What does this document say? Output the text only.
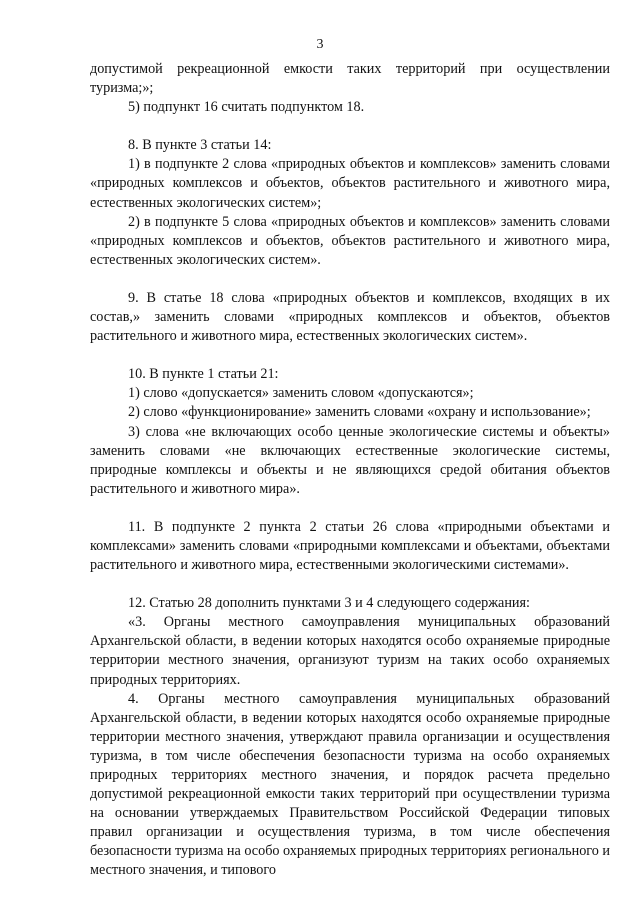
3

допустимой рекреационной емкости таких территорий при осуществлении туризма;»;

5) подпункт 16 считать подпунктом 18.

8. В пункте 3 статьи 14:

1) в подпункте 2 слова «природных объектов и комплексов» заменить словами «природных комплексов и объектов, объектов растительного и животного мира, естественных экологических систем»;

2) в подпункте 5 слова «природных объектов и комплексов» заменить словами «природных комплексов и объектов, объектов растительного и животного мира, естественных экологических систем».

9. В статье 18 слова «природных объектов и комплексов, входящих в их состав,» заменить словами «природных комплексов и объектов, объектов растительного и животного мира, естественных экологических систем».

10. В пункте 1 статьи 21:

1) слово «допускается» заменить словом «допускаются»;

2) слово «функционирование» заменить словами «охрану и использование»;

3) слова «не включающих особо ценные экологические системы и объекты» заменить словами «не включающих естественные экологические системы, природные комплексы и объекты и не являющихся средой обитания объектов растительного и животного мира».

11. В подпункте 2 пункта 2 статьи 26 слова «природными объектами и комплексами» заменить словами «природными комплексами и объектами, объектами растительного и животного мира, естественными экологическими системами».

12. Статью 28 дополнить пунктами 3 и 4 следующего содержания:

«3. Органы местного самоуправления муниципальных образований Архангельской области, в ведении которых находятся особо охраняемые природные территории местного значения, организуют туризм на таких особо охраняемых природных территориях.

4. Органы местного самоуправления муниципальных образований Архангельской области, в ведении которых находятся особо охраняемые природные территории местного значения, утверждают правила организации и осуществления туризма, в том числе обеспечения безопасности туризма на особо охраняемых природных территориях местного значения, и порядок расчета предельно допустимой рекреационной емкости таких территорий при осуществлении туризма на основании утверждаемых Правительством Российской Федерации типовых правил организации и осуществления туризма, в том числе обеспечения безопасности туризма на особо охраняемых природных территориях регионального и местного значения, и типового
